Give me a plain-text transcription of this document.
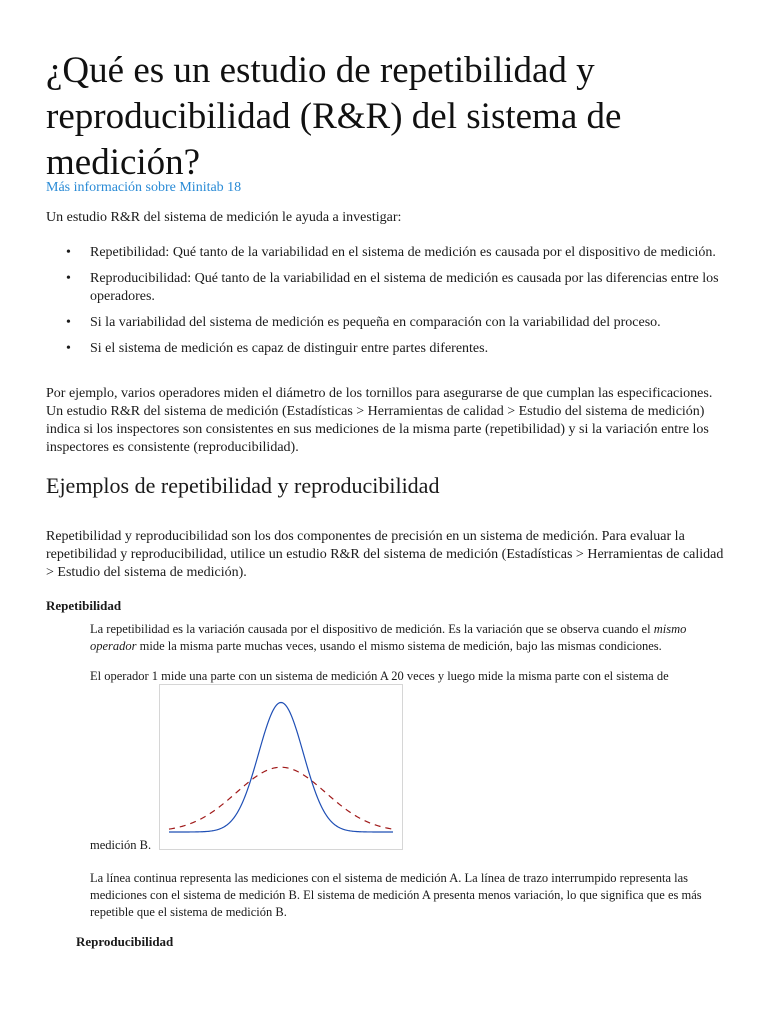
¿Qué es un estudio de repetibilidad y reproducibilidad (R&R) del sistema de medición?
Más información sobre Minitab 18

Un estudio R&R del sistema de medición le ayuda a investigar:

• Repetibilidad: Qué tanto de la variabilidad en el sistema de medición es causada por el dispositivo de medición.
• Reproducibilidad: Qué tanto de la variabilidad en el sistema de medición es causada por las diferencias entre los operadores.
• Si la variabilidad del sistema de medición es pequeña en comparación con la variabilidad del proceso.
• Si el sistema de medición es capaz de distinguir entre partes diferentes.

Por ejemplo, varios operadores miden el diámetro de los tornillos para asegurarse de que cumplan las especificaciones. Un estudio R&R del sistema de medición (Estadísticas > Herramientas de calidad > Estudio del sistema de medición) indica si los inspectores son consistentes en sus mediciones de la misma parte (repetibilidad) y si la variación entre los inspectores es consistente (reproducibilidad).

Ejemplos de repetibilidad y reproducibilidad

Repetibilidad y reproducibilidad son los dos componentes de precisión en un sistema de medición. Para evaluar la repetibilidad y reproducibilidad, utilice un estudio R&R del sistema de medición (Estadísticas > Herramientas de calidad > Estudio del sistema de medición).

Repetibilidad

La repetibilidad es la variación causada por el dispositivo de medición. Es la variación que se observa cuando el mismo operador mide la misma parte muchas veces, usando el mismo sistema de medición, bajo las mismas condiciones.

El operador 1 mide una parte con un sistema de medición A 20 veces y luego mide la misma parte con el sistema de

medición B.

La línea continua representa las mediciones con el sistema de medición A. La línea de trazo interrumpido representa las mediciones con el sistema de medición B. El sistema de medición A presenta menos variación, lo que significa que es más repetible que el sistema de medición B.

Reproducibilidad
